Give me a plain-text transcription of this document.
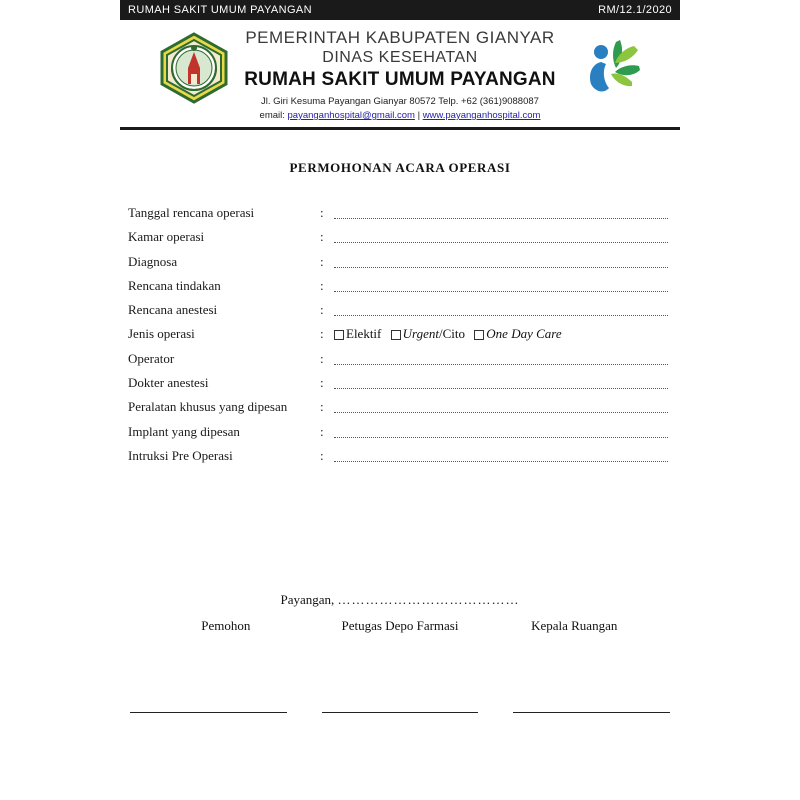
RUMAH SAKIT UMUM PAYANGAN	RM/12.1/2020
PEMERINTAH KABUPATEN GIANYAR
DINAS KESEHATAN
RUMAH SAKIT UMUM PAYANGAN
Jl. Giri Kesuma Payangan Gianyar 80572 Telp. +62 (361)9088087
email: payanganhospital@gmail.com | www.payanganhospital.com
PERMOHONAN ACARA OPERASI
Tanggal rencana operasi	:
Kamar operasi	:
Diagnosa	:
Rencana tindakan	:
Rencana anestesi	:
Jenis operasi	:	Elektif Urgent/Cito One Day Care
Operator	:
Dokter anestesi	:
Peralatan khusus yang dipesan	:
Implant yang dipesan	:
Intruksi Pre Operasi	:
Payangan, …………………………………
Pemohon	Petugas Depo Farmasi	Kepala Ruangan
